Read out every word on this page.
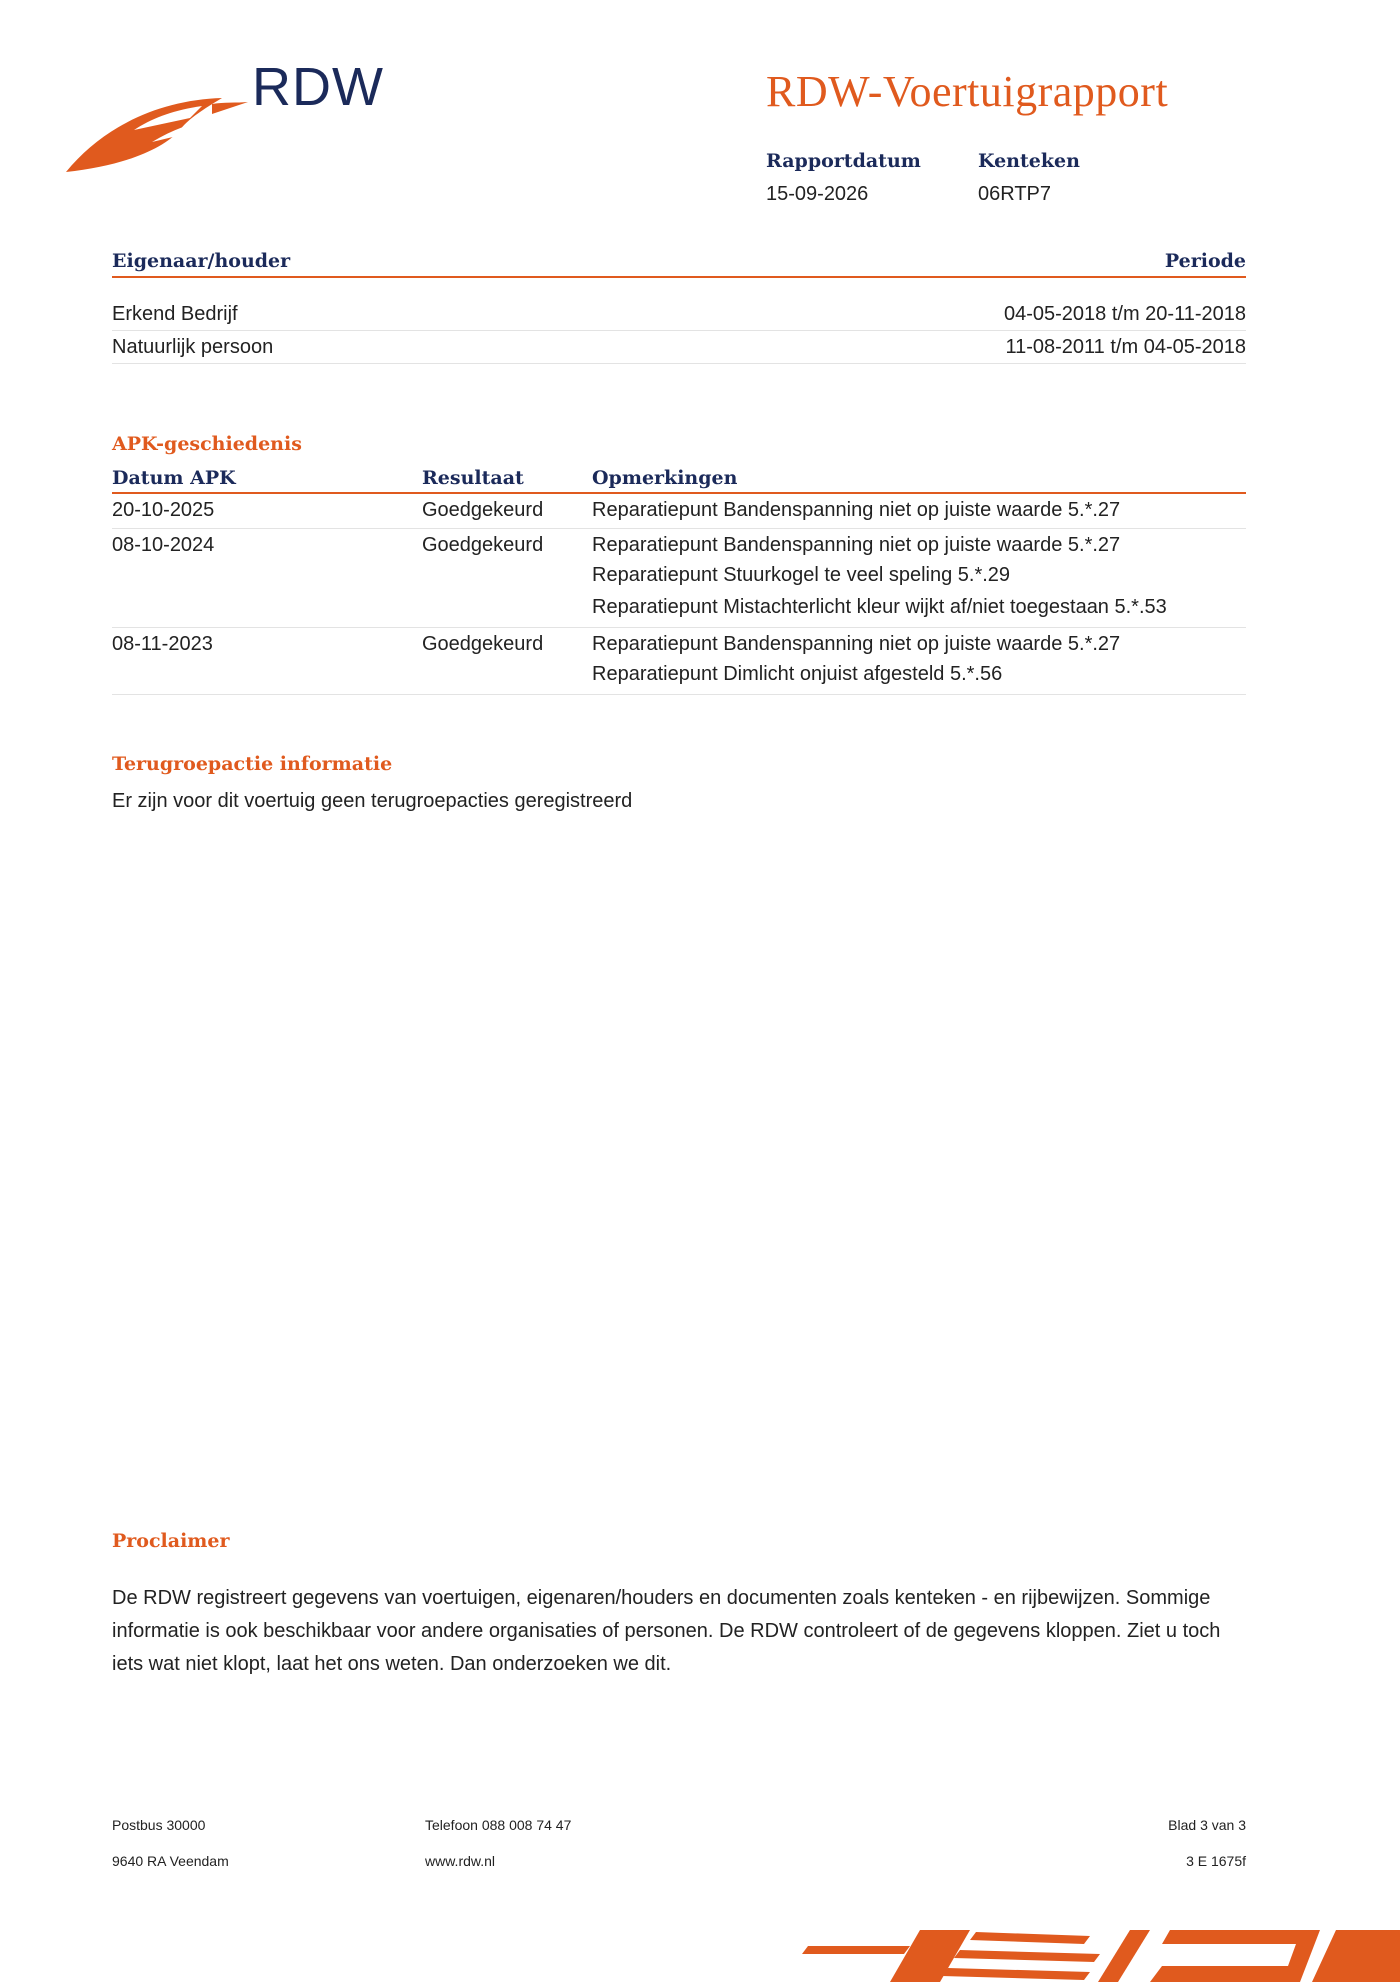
RDW	RDW-Voertuigrapport
Rapportdatum
15-09-2026
Kenteken
06RTP7
Eigenaar/houder	Periode
Erkend Bedrijf	04-05-2018 t/m 20-11-2018
Natuurlijk persoon	11-08-2011 t/m 04-05-2018
APK-geschiedenis
Datum APK	Resultaat	Opmerkingen
20-10-2025	Goedgekeurd	Reparatiepunt Bandenspanning niet op juiste waarde 5.*.27
08-10-2024	Goedgekeurd	Reparatiepunt Bandenspanning niet op juiste waarde 5.*.27
Reparatiepunt Stuurkogel te veel speling 5.*.29
Reparatiepunt Mistachterlicht kleur wijkt af/niet toegestaan 5.*.53
08-11-2023	Goedgekeurd	Reparatiepunt Bandenspanning niet op juiste waarde 5.*.27
Reparatiepunt Dimlicht onjuist afgesteld 5.*.56
Terugroepactie informatie
Er zijn voor dit voertuig geen terugroepacties geregistreerd
Proclaimer
De RDW registreert gegevens van voertuigen, eigenaren/houders en documenten zoals kenteken - en rijbewijzen. Sommige informatie is ook beschikbaar voor andere organisaties of personen. De RDW controleert of de gegevens kloppen. Ziet u toch iets wat niet klopt, laat het ons weten. Dan onderzoeken we dit.
Postbus 30000
9640 RA Veendam
Telefoon 088 008 74 47
www.rdw.nl
Blad 3 van 3
3 E 1675f
